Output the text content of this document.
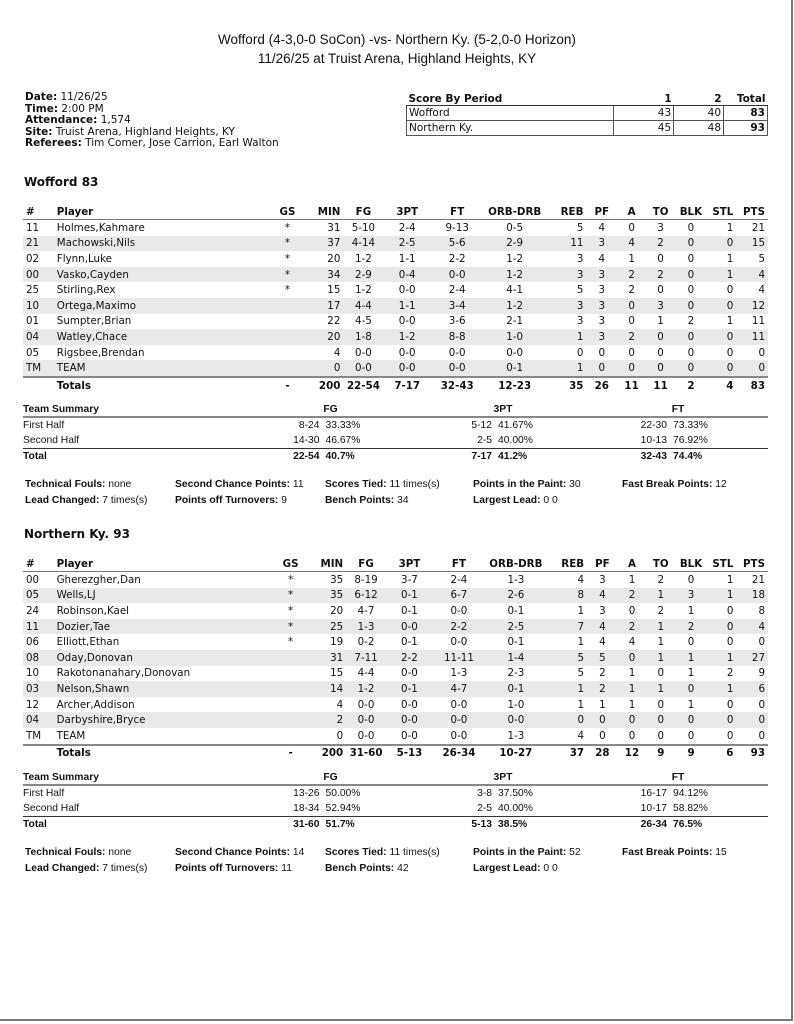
Wofford (4-3,0-0 SoCon) -vs- Northern Ky. (5-2,0-0 Horizon)
11/26/25 at Truist Arena, Highland Heights, KY
Date: 11/26/25
Time: 2:00 PM
Attendance: 1,574
Site: Truist Arena, Highland Heights, KY
Referees: Tim Comer, Jose Carrion, Earl Walton
Score By Period	1	2	Total
Wofford	43	40	83
Northern Ky.	45	48	93
Wofford 83
#	Player	GS	MIN	FG	3PT	FT	ORB-DRB	REB	PF	A	TO	BLK	STL	PTS
11	Holmes,Kahmare	*	31	5-10	2-4	9-13	0-5	5	4	0	3	0	1	21
21	Machowski,Nils	*	37	4-14	2-5	5-6	2-9	11	3	4	2	0	0	15
02	Flynn,Luke	*	20	1-2	1-1	2-2	1-2	3	4	1	0	0	1	5
00	Vasko,Cayden	*	34	2-9	0-4	0-0	1-2	3	3	2	2	0	1	4
25	Stirling,Rex	*	15	1-2	0-0	2-4	4-1	5	3	2	0	0	0	4
10	Ortega,Maximo		17	4-4	1-1	3-4	1-2	3	3	0	3	0	0	12
01	Sumpter,Brian		22	4-5	0-0	3-6	2-1	3	3	0	1	2	1	11
04	Watley,Chace		20	1-8	1-2	8-8	1-0	1	3	2	0	0	0	11
05	Rigsbee,Brendan		4	0-0	0-0	0-0	0-0	0	0	0	0	0	0	0
TM	TEAM		0	0-0	0-0	0-0	0-1	1	0	0	0	0	0	0
	Totals	-	200	22-54	7-17	32-43	12-23	35	26	11	11	2	4	83
Team Summary	FG	3PT	FT
First Half	8-24 33.33%	5-12 41.67%	22-30 73.33%
Second Half	14-30 46.67%	2-5 40.00%	10-13 76.92%
Total	22-54 40.7%	7-17 41.2%	32-43 74.4%
Technical Fouls: none	Second Chance Points: 11 Scores Tied: 11 times(s)	Points in the Paint: 30	Fast Break Points: 12
Lead Changed: 7 times(s)	Points off Turnovers: 9	Bench Points: 34	Largest Lead: 0 0
Northern Ky. 93
#	Player	GS	MIN	FG	3PT	FT	ORB-DRB	REB	PF	A	TO	BLK	STL	PTS
00	Gherezgher,Dan	*	35	8-19	3-7	2-4	1-3	4	3	1	2	0	1	21
05	Wells,LJ	*	35	6-12	0-1	6-7	2-6	8	4	2	1	3	1	18
24	Robinson,Kael	*	20	4-7	0-1	0-0	0-1	1	3	0	2	1	0	8
11	Dozier,Tae	*	25	1-3	0-0	2-2	2-5	7	4	2	1	2	0	4
06	Elliott,Ethan	*	19	0-2	0-1	0-0	0-1	1	4	4	1	0	0	0
08	Oday,Donovan		31	7-11	2-2	11-11	1-4	5	5	0	1	1	1	27
10	Rakotonanahary,Donovan		15	4-4	0-0	1-3	2-3	5	2	1	0	1	2	9
03	Nelson,Shawn		14	1-2	0-1	4-7	0-1	1	2	1	1	0	1	6
12	Archer,Addison		4	0-0	0-0	0-0	1-0	1	1	1	0	1	0	0
04	Darbyshire,Bryce		2	0-0	0-0	0-0	0-0	0	0	0	0	0	0	0
TM	TEAM		0	0-0	0-0	0-0	1-3	4	0	0	0	0	0	0
	Totals	-	200	31-60	5-13	26-34	10-27	37	28	12	9	9	6	93
Team Summary	FG	3PT	FT
First Half	13-26 50.00%	3-8 37.50%	16-17 94.12%
Second Half	18-34 52.94%	2-5 40.00%	10-17 58.82%
Total	31-60 51.7%	5-13 38.5%	26-34 76.5%
Technical Fouls: none	Second Chance Points: 14 Scores Tied: 11 times(s)	Points in the Paint: 52	Fast Break Points: 15
Lead Changed: 7 times(s)	Points off Turnovers: 11	Bench Points: 42	Largest Lead: 0 0
